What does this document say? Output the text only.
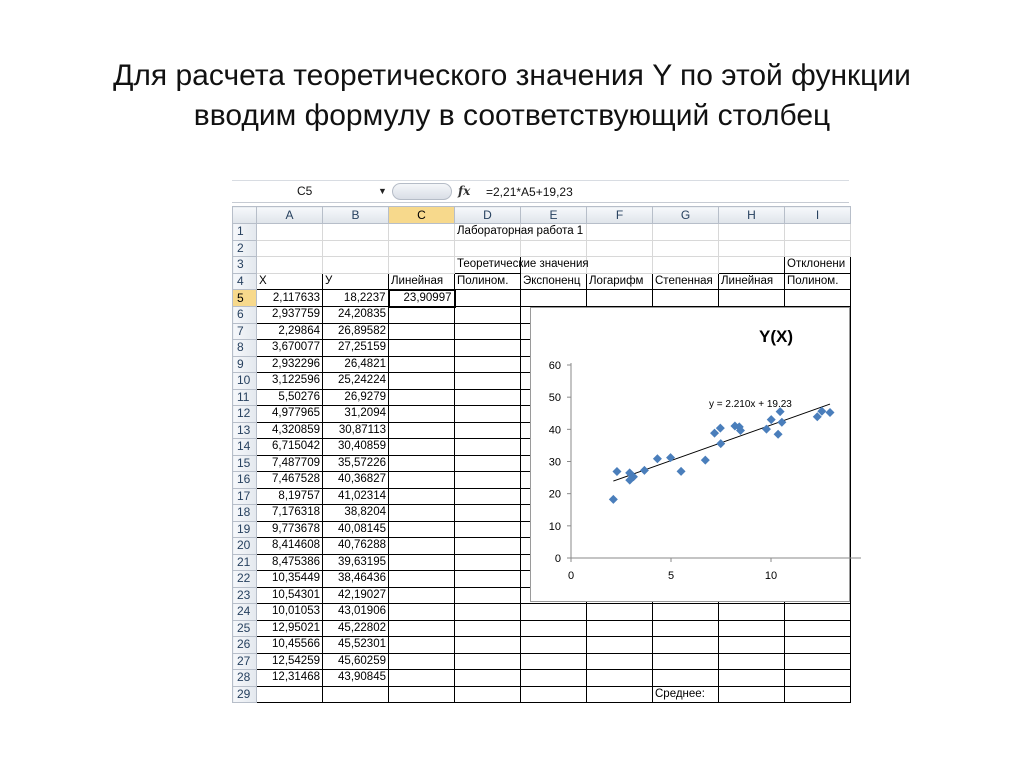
Для расчета теоретического значения Y по этой функции
вводим формулу в соответствующий столбец
C5	▼	fx =2,21*A5+19,23
	A	B	C	D	E	F	G	H	I
1				Лабораторная работа 1					
2									
3				Теоретические значения					Отклонени
4	X	У	Линейная	Полином.	Экспоненц	Логарифм	Степенная	Линейная	Полином.
5	2,117633	18,2237	23,90997						
6	2,937759	24,20835							
7	2,29864	26,89582							
8	3,670077	27,25159							
9	2,932296	26,4821							
10	3,122596	25,24224							
11	5,50276	26,9279							
12	4,977965	31,2094							
13	4,320859	30,87113							
14	6,715042	30,40859							
15	7,487709	35,57226							
16	7,467528	40,36827							
17	8,19757	41,02314							
18	7,176318	38,8204							
19	9,773678	40,08145							
20	8,414608	40,76288							
21	8,475386	39,63195							
22	10,35449	38,46436							
23	10,54301	42,19027							
24	10,01053	43,01906							
25	12,95021	45,22802							
26	10,45566	45,52301							
27	12,54259	45,60259							
28	12,31468	43,90845							
29							Среднее:		
Y(X)
0
10
20
30
40
50
60
0	5	10
y = 2.210x + 19.23
